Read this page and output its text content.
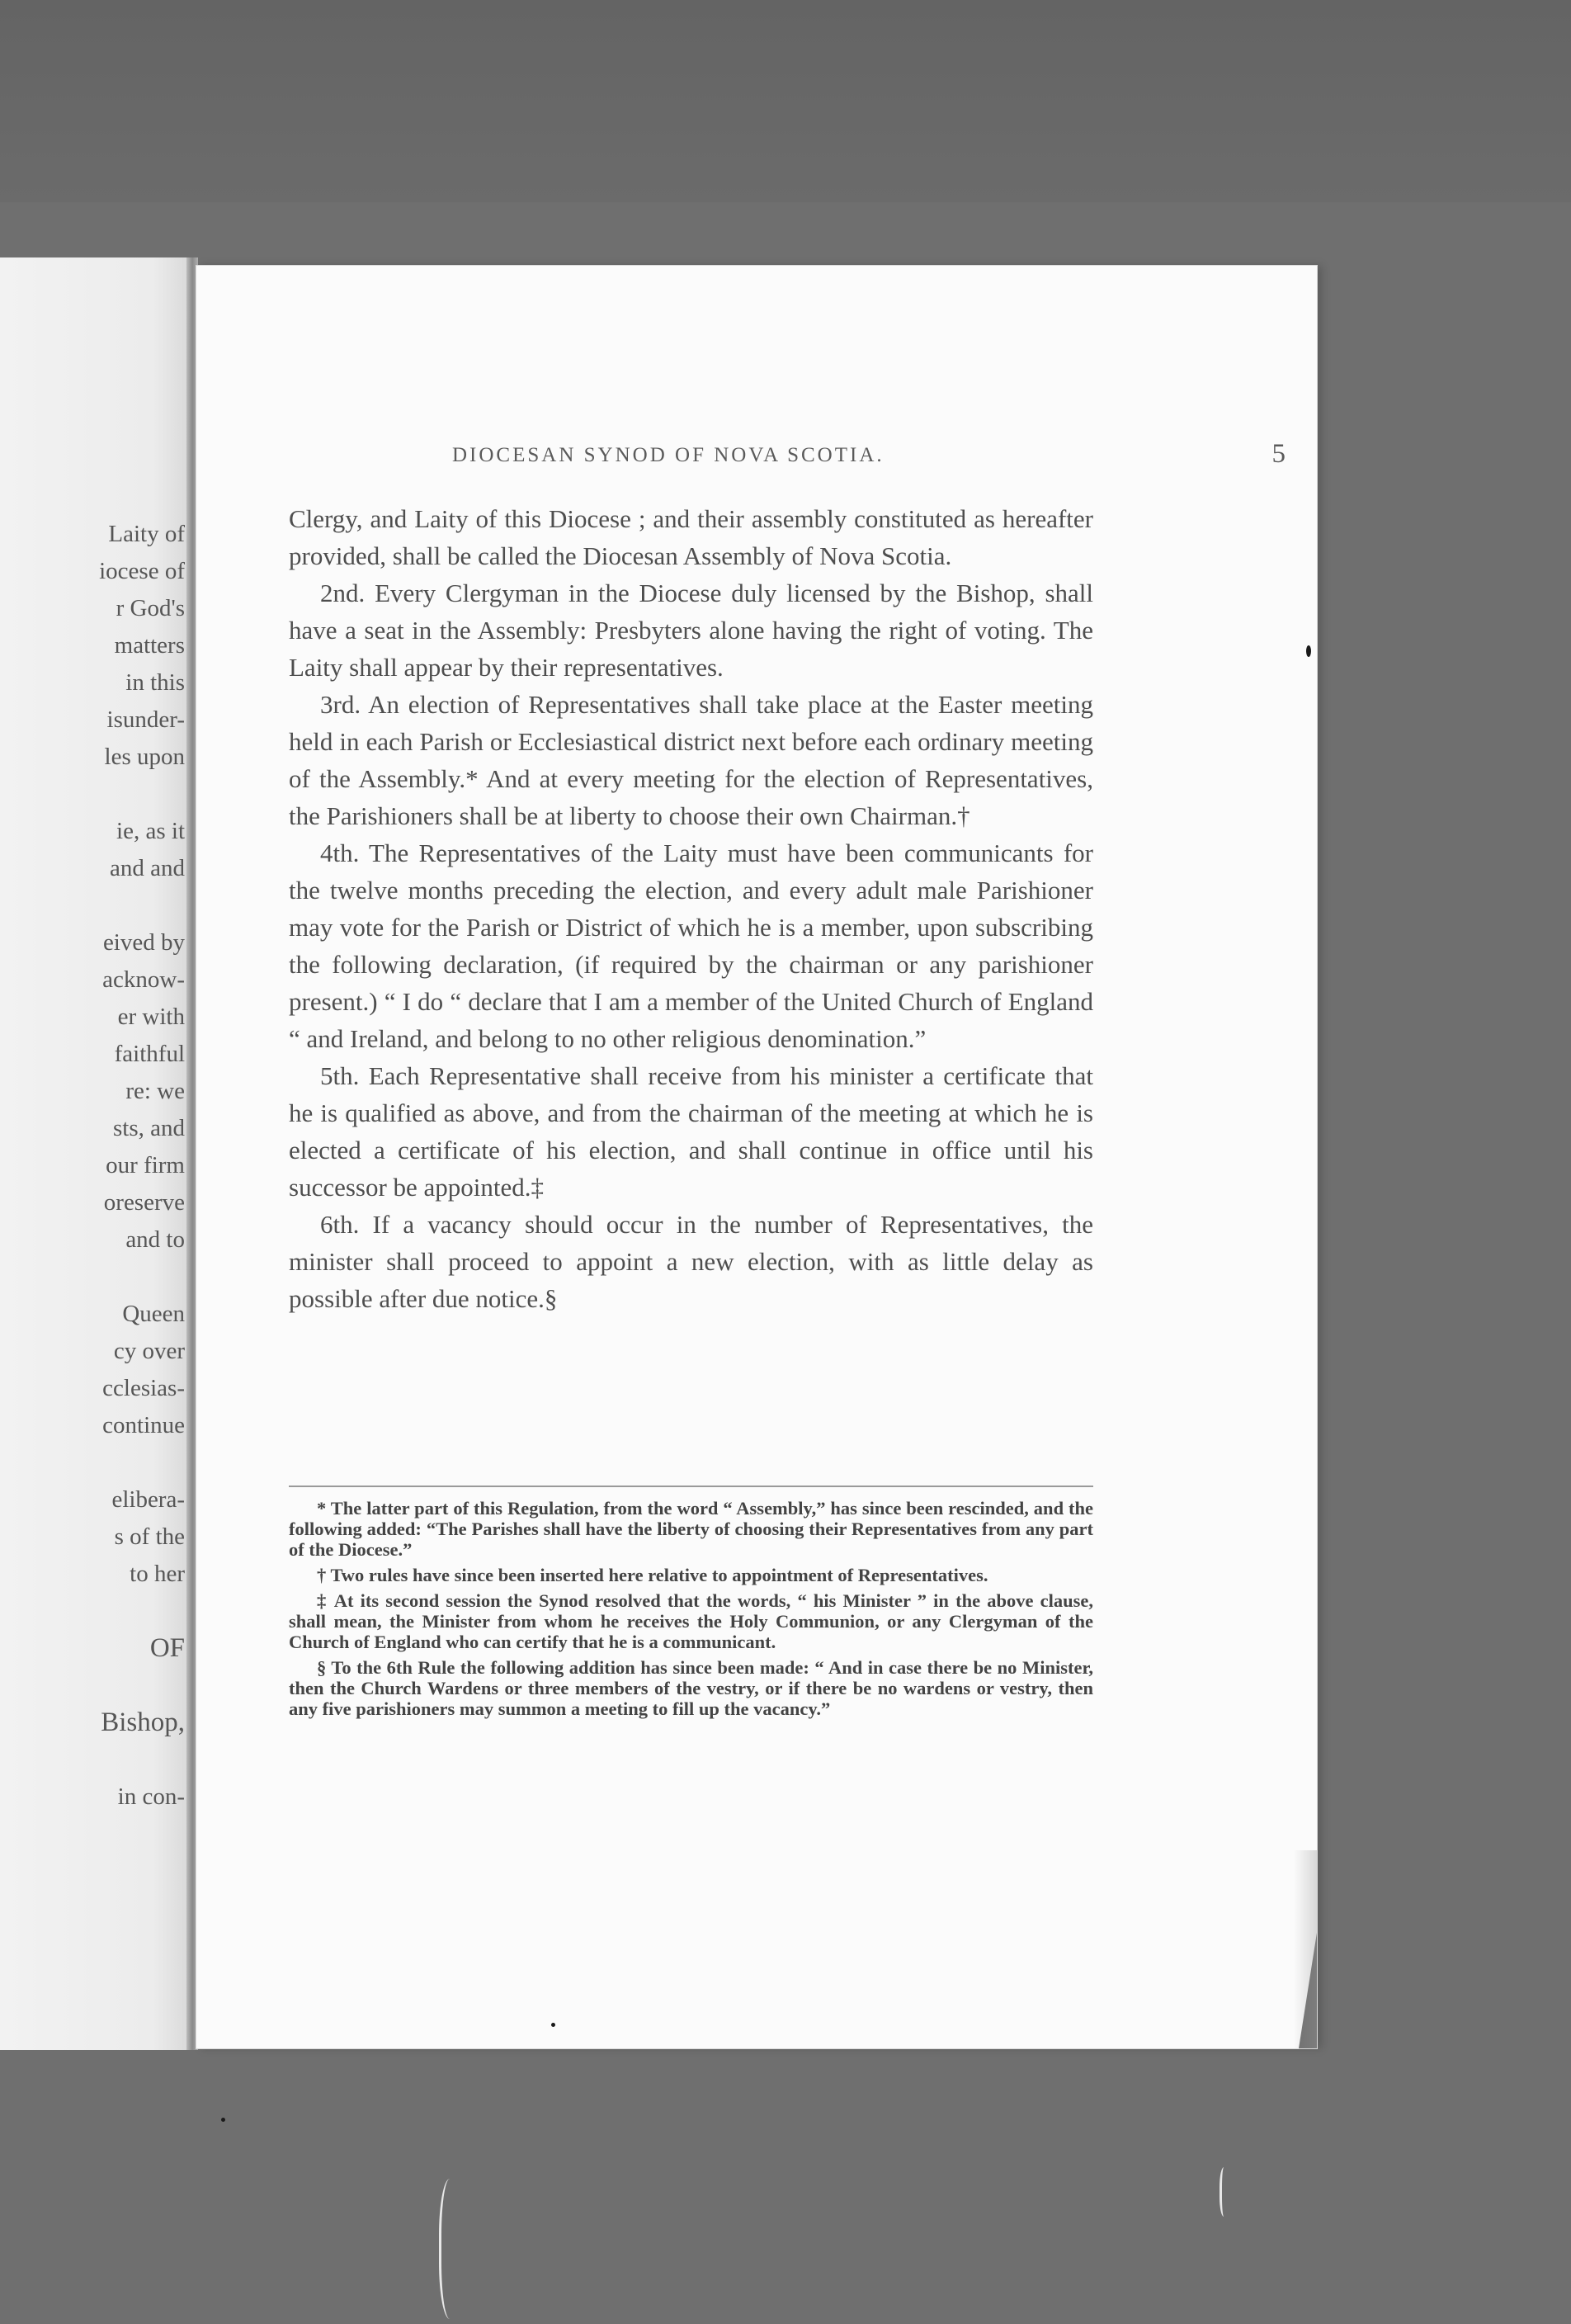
Laity of
iocese of
r God's
matters
in this
isunder-
les upon
ie, as it
and and
eived by
acknow-
er with
faithful
re: we
sts, and
our firm
oreserve
and to
Queen
cy over
cclesias-
continue
elibera-
s of the
to her
OF
Bishop,
in con-
DIOCESAN SYNOD OF NOVA SCOTIA.	5

Clergy, and Laity of this Diocese ; and their assembly constituted as hereafter provided, shall be called the Diocesan Assembly of Nova Scotia.

2nd. Every Clergyman in the Diocese duly licensed by the Bishop, shall have a seat in the Assembly: Presbyters alone having the right of voting. The Laity shall appear by their representatives.

3rd. An election of Representatives shall take place at the Easter meeting held in each Parish or Ecclesiastical district next before each ordinary meeting of the Assembly.* And at every meeting for the election of Representatives, the Parishioners shall be at liberty to choose their own Chairman.†

4th. The Representatives of the Laity must have been communicants for the twelve months preceding the election, and every adult male Parishioner may vote for the Parish or District of which he is a member, upon subscribing the following declaration, (if required by the chairman or any parishioner present.) “ I do “ declare that I am a member of the United Church of England “ and Ireland, and belong to no other religious denomination.”

5th. Each Representative shall receive from his minister a certificate that he is qualified as above, and from the chairman of the meeting at which he is elected a certificate of his election, and shall continue in office until his successor be appointed.‡

6th. If a vacancy should occur in the number of Representatives, the minister shall proceed to appoint a new election, with as little delay as possible after due notice.§

* The latter part of this Regulation, from the word “ Assembly,” has since been rescinded, and the following added: “The Parishes shall have the liberty of choosing their Representatives from any part of the Diocese.”

† Two rules have since been inserted here relative to appointment of Representatives.

‡ At its second session the Synod resolved that the words, “ his Minister ” in the above clause, shall mean, the Minister from whom he receives the Holy Communion, or any Clergyman of the Church of England who can certify that he is a communicant.

§ To the 6th Rule the following addition has since been made: “ And in case there be no Minister, then the Church Wardens or three members of the vestry, or if there be no wardens or vestry, then any five parishioners may summon a meeting to fill up the vacancy.”
